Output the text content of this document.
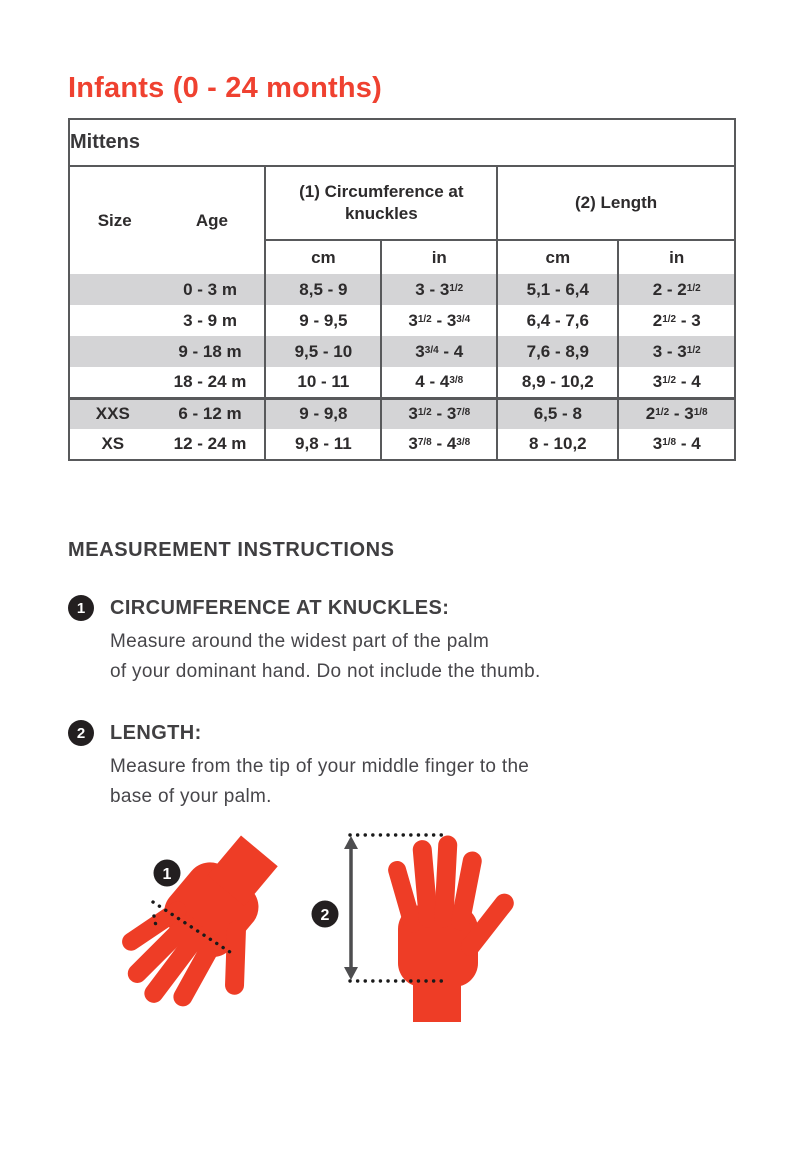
Infants (0 - 24 months)
Mittens					

Size Age		(1) Circumference at knuckles		(2) Length	

		cm	in	cm	in
	0 - 3 m	8,5 - 9	$3 - 3^{1/2}$	5,1 - 6,4	$2 - 2^{1/2}$
	3 - 9 m	9 - 9,5	$3^{1/2} - 3^{3/4}$	6,4 - 7,6	$2^{1/2} - 3$
	9 - 18 m	9,5 - 10	$3^{3/4} - 4$	7,6 - 8,9	$3 - 3^{1/2}$
	18 - 24 m	10 - 11	$4 - 4^{3/8}$	8,9 - 10,2	$3^{1/2} - 4$
XXS	6 - 12 m	9 - 9,8	$3^{1/2} - 3^{7/8}$	6,5 - 8	$2^{1/2} - 3^{1/8}$
XS	12 - 24 m	9,8 - 11	$3^{7/8} - 4^{3/8}$	8 - 10,2	$3^{1/8} - 4$
MEASUREMENT INSTRUCTIONS
1	CIRCUMFERENCE AT KNUCKLES:
Measure around the widest part of the palm
of your dominant hand. Do not include the thumb.
2	LENGTH:
Measure from the tip of your middle finger to the
base of your palm.
1
2
